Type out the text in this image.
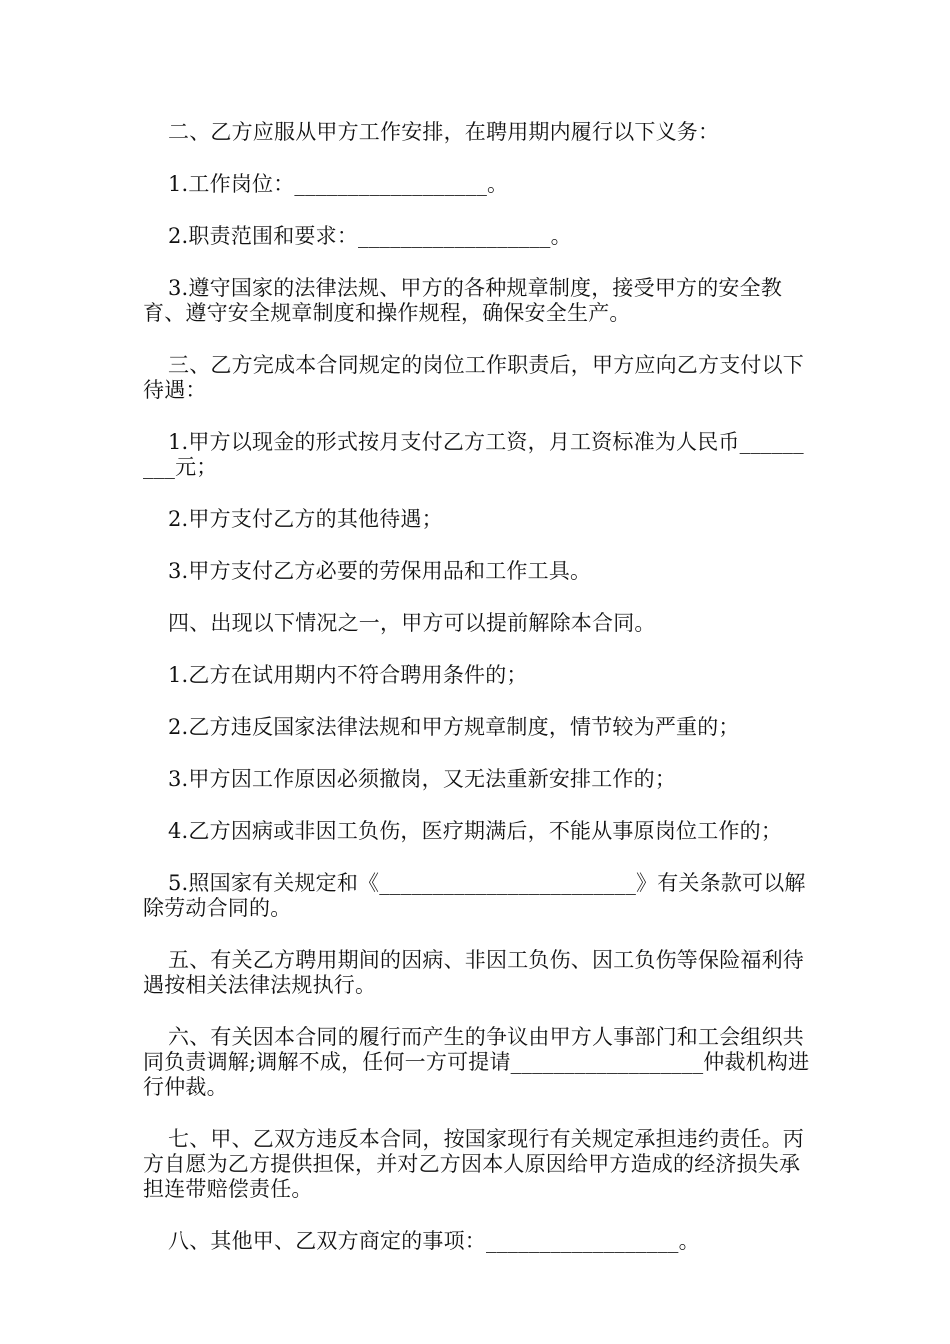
二、乙方应服从甲方工作安排，在聘用期内履行以下义务：

1.工作岗位：__________________。

2.职责范围和要求：__________________。

3.遵守国家的法律法规、甲方的各种规章制度，接受甲方的安全教育、遵守安全规章制度和操作规程，确保安全生产。

三、乙方完成本合同规定的岗位工作职责后，甲方应向乙方支付以下待遇：

1.甲方以现金的形式按月支付乙方工资，月工资标准为人民币_________元；

2.甲方支付乙方的其他待遇；

3.甲方支付乙方必要的劳保用品和工作工具。

四、出现以下情况之一，甲方可以提前解除本合同。

1.乙方在试用期内不符合聘用条件的；

2.乙方违反国家法律法规和甲方规章制度，情节较为严重的；

3.甲方因工作原因必须撤岗，又无法重新安排工作的；

4.乙方因病或非因工负伤，医疗期满后，不能从事原岗位工作的；

5.照国家有关规定和《________________________》有关条款可以解除劳动合同的。

五、有关乙方聘用期间的因病、非因工负伤、因工负伤等保险福利待遇按相关法律法规执行。

六、有关因本合同的履行而产生的争议由甲方人事部门和工会组织共同负责调解;调解不成，任何一方可提请__________________仲裁机构进行仲裁。

七、甲、乙双方违反本合同，按国家现行有关规定承担违约责任。丙方自愿为乙方提供担保，并对乙方因本人原因给甲方造成的经济损失承担连带赔偿责任。

八、其他甲、乙双方商定的事项：__________________。
